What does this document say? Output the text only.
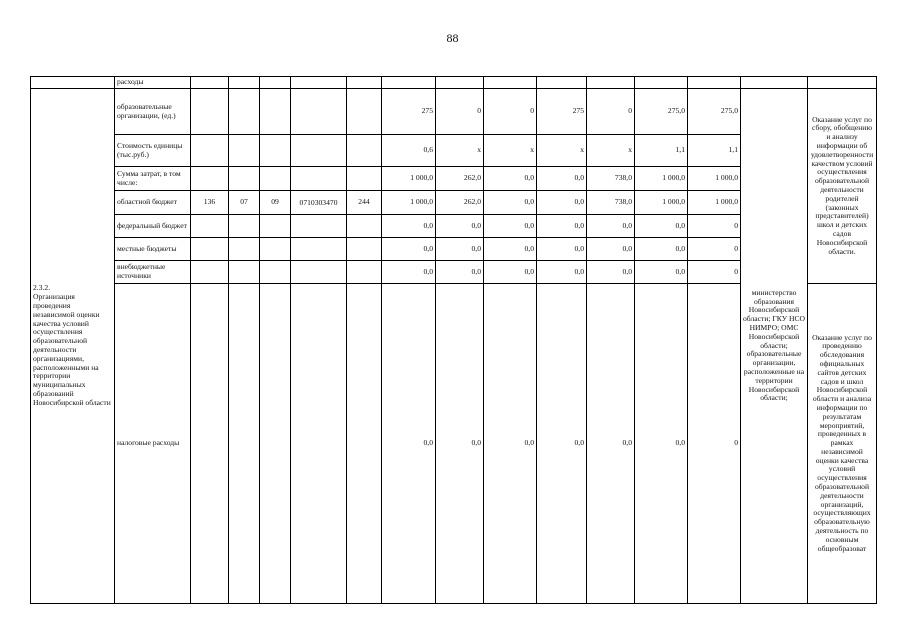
88
	расходы														
2.3.2.
Организация проведения независимой оценки качества условий осуществления образовательной деятельности организациями, расположенными на территории муниципальных образований Новосибирской области	образовательные организации, (ед.)						275	0	0	275	0	275,0	275,0	министерство образования Новосибирской области; ГКУ НСО НИМРО; ОМС Новосибирской области; образовательные организации, расположенные на территории Новосибирской области;	Оказание услуг по сбору, обобщению и анализу информации об удовлетворенности качеством условий осуществления образовательной деятельности родителей (законных представителей) школ и детских садов Новосибирской области.
	Стоимость единицы (тыс.руб.)						0,6	х	х	х	х	1,1	1,1		
	Сумма затрат, в том числе:						1 000,0	262,0	0,0	0,0	738,0	1 000,0	1 000,0		
	областной бюджет	136	07	09	0710303470	244	1 000,0	262,0	0,0	0,0	738,0	1 000,0	1 000,0		
	федеральный бюджет						0,0	0,0	0,0	0,0	0,0	0,0	0		
	местные бюджеты						0,0	0,0	0,0	0,0	0,0	0,0	0		
	внебюджетные источники						0,0	0,0	0,0	0,0	0,0	0,0	0		
	налоговые расходы						0,0	0,0	0,0	0,0	0,0	0,0	0		Оказание услуг по проведению обследования официальных сайтов детских садов и школ Новосибирской области и анализа информации по результатам мероприятий, проведенных в рамках независимой оценки качества условий осуществления образовательной деятельности организаций, осуществляющих образовательную деятельность по основным общеобразоват
